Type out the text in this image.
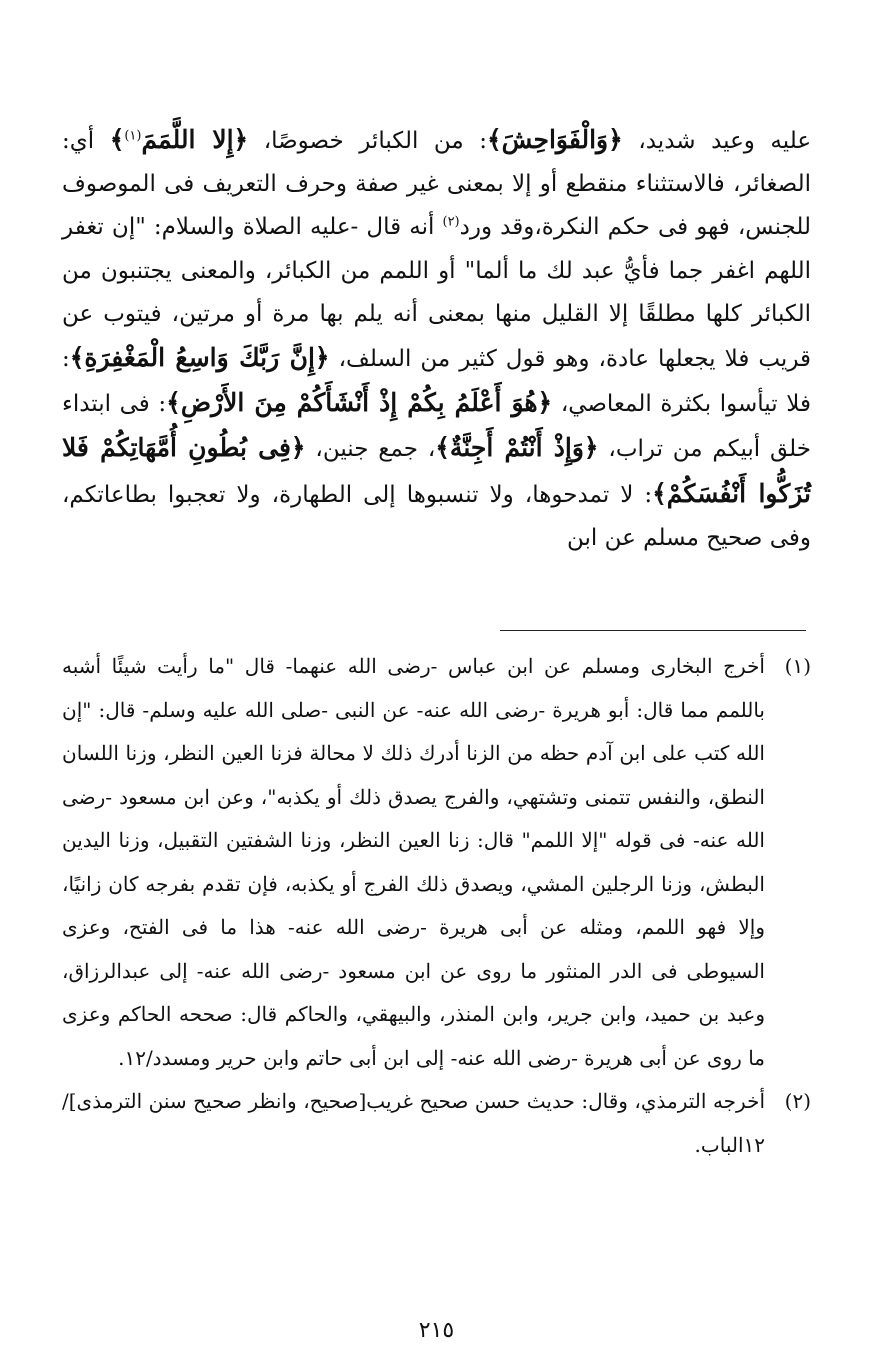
عليه وعيد شديد، ﴿وَالْفَوَاحِشَ﴾: من الكبائر خصوصًا، ﴿إِلا اللَّمَمَ$^{(١)}$﴾ أي: الصغائر، فالاستثناء منقطع أو إلا بمعنى غير صفة وحرف التعريف فى الموصوف للجنس، فهو فى حكم النكرة،وقد ورد$^{(٢)}$ أنه قال -عليه الصلاة والسلام: "إن تغفر اللهم اغفر جما فأيُّ عبد لك ما ألما" أو اللمم من الكبائر، والمعنى يجتنبون من الكبائر كلها مطلقًا إلا القليل منها بمعنى أنه يلم بها مرة أو مرتين، فيتوب عن قريب فلا يجعلها عادة، وهو قول كثير من السلف، ﴿إِنَّ رَبَّكَ وَاسِعُ الْمَغْفِرَةِ﴾: فلا تيأسوا بكثرة المعاصي، ﴿هُوَ أَعْلَمُ بِكُمْ إِذْ أَنْشَأَكُمْ مِنَ الأَرْضِ﴾: فى ابتداء خلق أبيكم من تراب، ﴿وَإِذْ أَنْتُمْ أَجِنَّةٌ﴾، جمع جنين، ﴿فِى بُطُونِ أُمَّهَاتِكُمْ فَلا تُزَكُّوا أَنْفُسَكُمْ﴾: لا تمدحوها، ولا تنسبوها إلى الطهارة، ولا تعجبوا بطاعاتكم، وفى صحيح مسلم عن ابن

(١)
أخرج البخارى ومسلم عن ابن عباس -رضى الله عنهما- قال "ما رأيت شيئًا أشبه باللمم مما قال: أبو هريرة -رضى الله عنه- عن النبى -صلى الله عليه وسلم- قال: "إن الله كتب على ابن آدم حظه من الزنا أدرك ذلك لا محالة فزنا العين النظر، وزنا اللسان النطق، والنفس تتمنى وتشتهي، والفرج يصدق ذلك أو يكذبه"، وعن ابن مسعود -رضى الله عنه- فى قوله "إلا اللمم" قال: زنا العين النظر، وزنا الشفتين التقبيل، وزنا اليدين البطش، وزنا الرجلين المشي، ويصدق ذلك الفرج أو يكذبه، فإن تقدم بفرجه كان زانيًا، وإلا فهو اللمم، ومثله عن أبى هريرة -رضى الله عنه- هذا ما فى الفتح، وعزى السيوطى فى الدر المنثور ما روى عن ابن مسعود -رضى الله عنه- إلى عبدالرزاق، وعبد بن حميد، وابن جرير، وابن المنذر، والبيهقي، والحاكم قال: صححه الحاكم وعزى ما روى عن أبى هريرة -رضى الله عنه- إلى ابن أبى حاتم وابن حرير ومسدد/١٢.

(٢)
أخرجه الترمذي، وقال: حديث حسن صحيح غريب[صحيح، وانظر صحيح سنن الترمذى]/١٢الباب.

٢١٥
